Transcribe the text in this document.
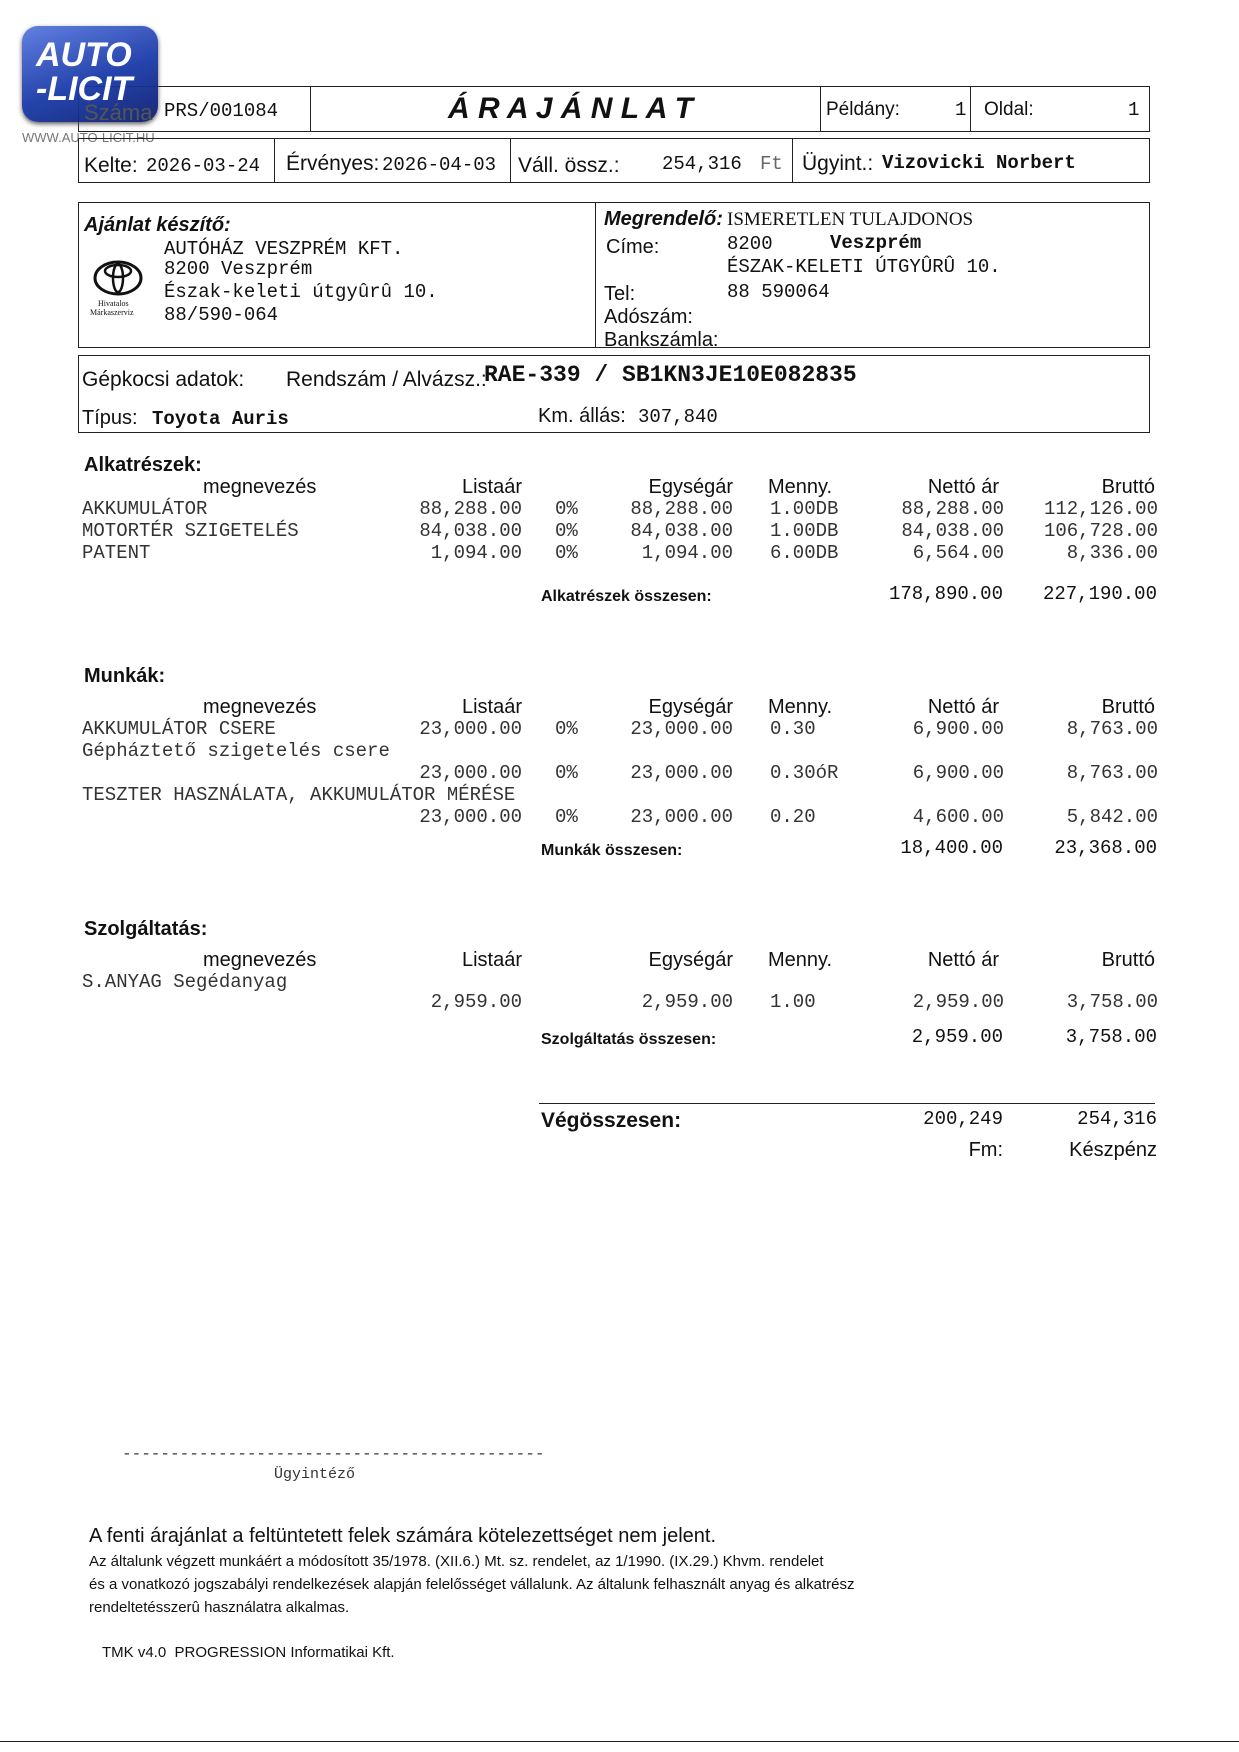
AUTO
-LICIT
WWW.AUTO-LICIT.HU
Száma PRS/001084	Á R A J Á N L A T	Példány:	1 Oldal:	1
Kelte: 2026-03-24 Érvényes: 2026-04-03 Váll. össz.: 254,316 Ft Ügyint.: Vizovicki Norbert
Ajánlat készítő:
Hivatalos
Márkaszerviz
AUTÓHÁZ VESZPRÉM KFT.
8200 Veszprém
Észak-keleti útgyûrû 10.
88/590-064
Megrendelő: ISMERETLEN TULAJDONOS
Címe:	8200	Veszprém
ÉSZAK-KELETI ÚTGYÛRÛ 10.
Tel:	88 590064
Adószám:
Bankszámla:
Gépkocsi adatok: Rendszám / Alvázsz.:
RAE-339 / SB1KN3JE10E082835
Típus: Toyota Auris	Km. állás: 307,840
Alkatrészek:
megnevezés	Listaár	Egységár Menny.	Nettó ár	Bruttó
AKKUMULÁTOR	88,288.00 0%	88,288.00 1.00DB	88,288.00 112,126.00
MOTORTÉR SZIGETELÉS	84,038.00 0%	84,038.00 1.00DB	84,038.00 106,728.00
PATENT	1,094.00 0%	1,094.00 6.00DB	6,564.00	8,336.00
Alkatrészek összesen:	178,890.00 227,190.00
Munkák:
megnevezés	Listaár	Egységár Menny.	Nettó ár	Bruttó
AKKUMULÁTOR CSERE	23,000.00 0%	23,000.00 0.30	6,900.00	8,763.00
Gépháztető szigetelés csere
23,000.00 0%	23,000.00 0.30óR	6,900.00	8,763.00
TESZTER HASZNÁLATA, AKKUMULÁTOR MÉRÉSE
23,000.00 0%	23,000.00 0.20	4,600.00	5,842.00
Munkák összesen:	18,400.00	23,368.00
Szolgáltatás:
megnevezés	Listaár	Egységár Menny.	Nettó ár	Bruttó
S.ANYAG Segédanyag
2,959.00	2,959.00 1.00	2,959.00	3,758.00
Szolgáltatás összesen:	2,959.00	3,758.00
Végösszesen:	200,249	254,316
Fm:	Készpénz
--------------------------------------------
Ügyintéző
A fenti árajánlat a feltüntetett felek számára kötelezettséget nem jelent.
Az általunk végzett munkáért a módosított 35/1978. (XII.6.) Mt. sz. rendelet, az 1/1990. (IX.29.) Khvm. rendelet
és a vonatkozó jogszabályi rendelkezések alapján felelősséget vállalunk. Az általunk felhasznált anyag és alkatrész
rendeltetésszerû használatra alkalmas.
TMK v4.0  PROGRESSION Informatikai Kft.
